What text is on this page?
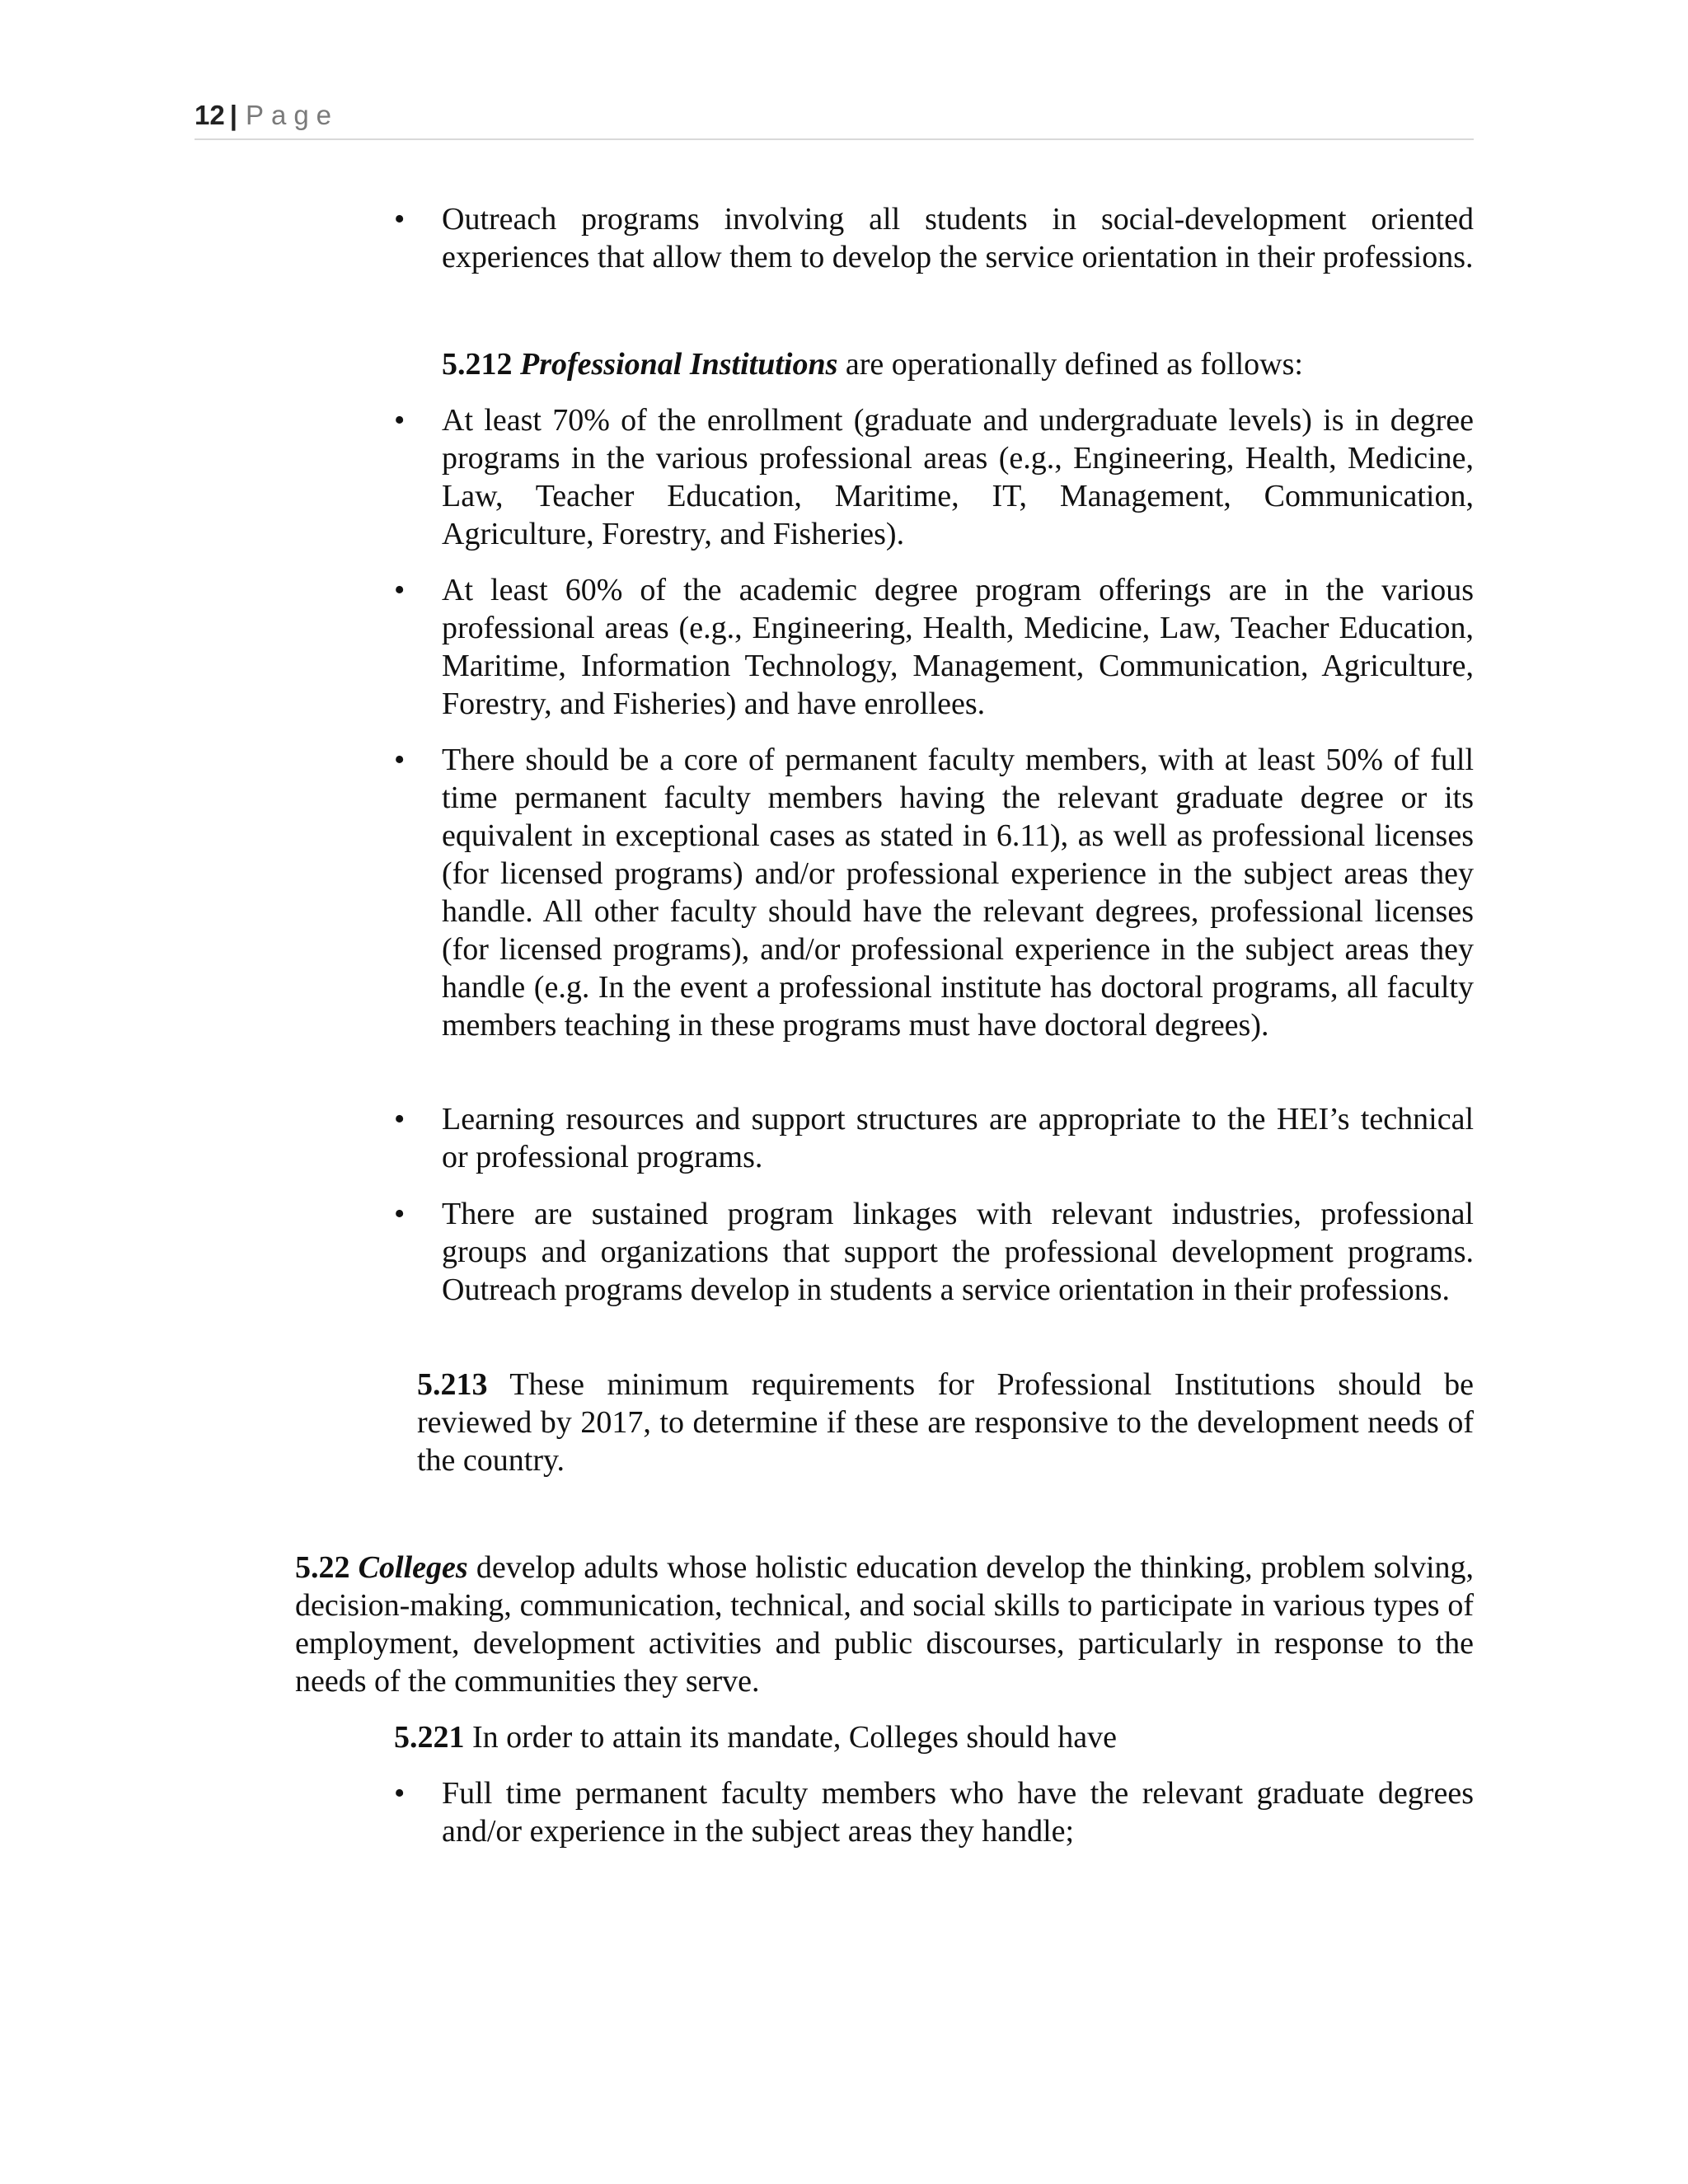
12 | Page
• Outreach programs involving all students in social-development oriented experiences that allow them to develop the service orientation in their professions.

5.212 Professional Institutions are operationally defined as follows:

• At least 70% of the enrollment (graduate and undergraduate levels) is in degree programs in the various professional areas (e.g., Engineering, Health, Medicine, Law, Teacher Education, Maritime, IT, Management, Communication, Agriculture, Forestry, and Fisheries).
• At least 60% of the academic degree program offerings are in the various professional areas (e.g., Engineering, Health, Medicine, Law, Teacher Education, Maritime, Information Technology, Management, Communication, Agriculture, Forestry, and Fisheries) and have enrollees.
• There should be a core of permanent faculty members, with at least 50% of full time permanent faculty members having the relevant graduate degree or its equivalent in exceptional cases as stated in 6.11), as well as professional licenses (for licensed programs) and/or professional experience in the subject areas they handle. All other faculty should have the relevant degrees, professional licenses (for licensed programs), and/or professional experience in the subject areas they handle (e.g. In the event a professional institute has doctoral programs, all faculty members teaching in these programs must have doctoral degrees).
• Learning resources and support structures are appropriate to the HEI’s technical or professional programs.
• There are sustained program linkages with relevant industries, professional groups and organizations that support the professional development programs. Outreach programs develop in students a service orientation in their professions.

5.213 These minimum requirements for Professional Institutions should be reviewed by 2017, to determine if these are responsive to the development needs of the country.

5.22 Colleges develop adults whose holistic education develop the thinking, problem solving, decision-making, communication, technical, and social skills to participate in various types of employment, development activities and public discourses, particularly in response to the needs of the communities they serve.

5.221 In order to attain its mandate, Colleges should have

• Full time permanent faculty members who have the relevant graduate degrees and/or experience in the subject areas they handle;
